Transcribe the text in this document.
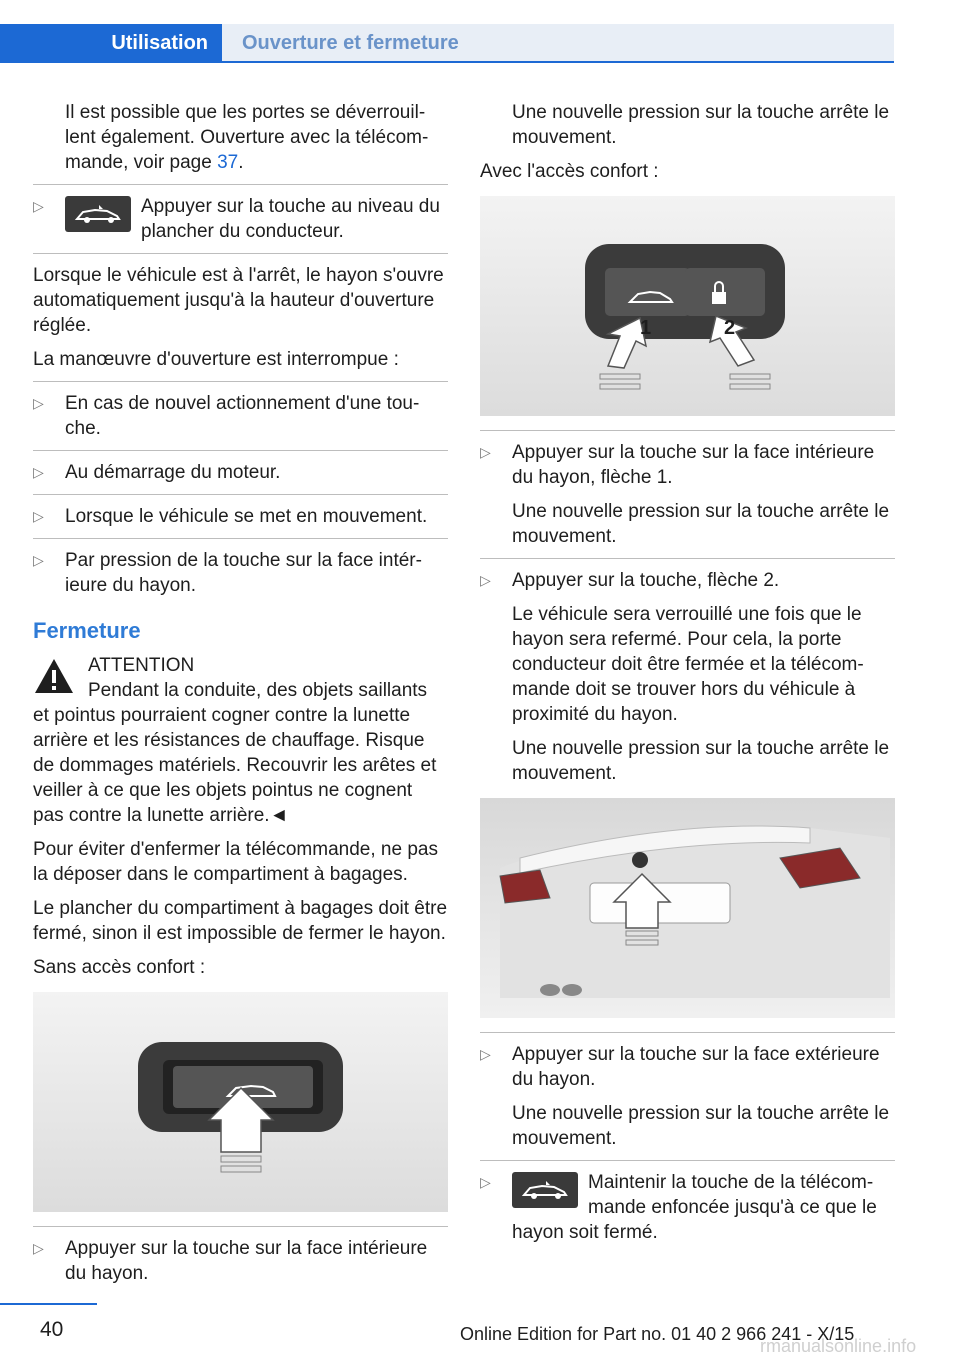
Utilisation	Ouverture et fermeture

Il est possible que les portes se déverrouillent également. Ouverture avec la télécommande, voir page 37.

▷	Appuyer sur la touche au niveau du plancher du conducteur.

Lorsque le véhicule est à l'arrêt, le hayon s'ouvre automatiquement jusqu'à la hauteur d'ouverture réglée.

La manœuvre d'ouverture est interrompue :

▷ En cas de nouvel actionnement d'une touche.
▷ Au démarrage du moteur.
▷ Lorsque le véhicule se met en mouvement.
▷ Par pression de la touche sur la face intérieure du hayon.
Fermeture
ATTENTION
Pendant la conduite, des objets saillants

et pointus pourraient cogner contre la lunette arrière et les résistances de chauffage. Risque de dommages matériels. Recouvrir les arêtes et veiller à ce que les objets pointus ne cognent pas contre la lunette arrière.◄

Pour éviter d'enfermer la télécommande, ne pas la déposer dans le compartiment à bagages.

Le plancher du compartiment à bagages doit être fermé, sinon il est impossible de fermer le hayon.

Sans accès confort :

▷ Appuyer sur la touche sur la face intérieure du hayon.

Une nouvelle pression sur la touche arrête le mouvement.

Avec l'accès confort :

1	2
▷ Appuyer sur la touche sur la face intérieure du hayon, flèche 1.
Une nouvelle pression sur la touche arrête le mouvement.
▷ Appuyer sur la touche, flèche 2.
Le véhicule sera verrouillé une fois que le hayon sera refermé. Pour cela, la porte conducteur doit être fermée et la télécommande doit se trouver hors du véhicule à proximité du hayon.
Une nouvelle pression sur la touche arrête le mouvement.
▷ Appuyer sur la touche sur la face extérieure du hayon.
Une nouvelle pression sur la touche arrête le mouvement.
▷	Maintenir la touche de la télécommande enfoncée jusqu'à ce que le
hayon soit fermé.
40	Online Edition for Part no. 01 40 2 966 241 - X/15
rmanualsonline.info
